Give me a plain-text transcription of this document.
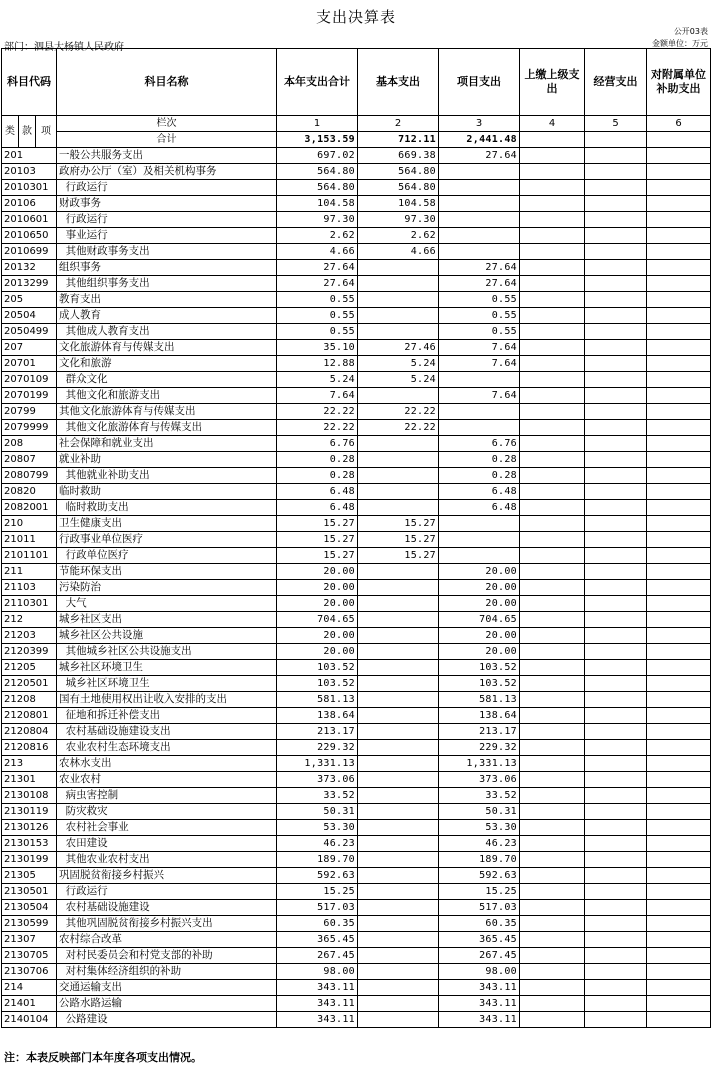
支出决算表
公开03表
金额单位：万元
部门：泗县大杨镇人民政府
科目代码			科目名称	本年支出合计	基本支出	项目支出	上缴上级支出	经营支出	对附属单位补助支出
类	款	项	栏次	1	2	3	4	5	6
			合计	3,153.59	712.11	2,441.48			
201			一般公共服务支出	697.02	669.38	27.64			
20103			政府办公厅（室）及相关机构事务	564.80	564.80				
2010301			行政运行	564.80	564.80				
20106			财政事务	104.58	104.58				
2010601			行政运行	97.30	97.30				
2010650			事业运行	2.62	2.62				
2010699			其他财政事务支出	4.66	4.66				
20132			组织事务	27.64		27.64			
2013299			其他组织事务支出	27.64		27.64			
205			教育支出	0.55		0.55			
20504			成人教育	0.55		0.55			
2050499			其他成人教育支出	0.55		0.55			
207			文化旅游体育与传媒支出	35.10	27.46	7.64			
20701			文化和旅游	12.88	5.24	7.64			
2070109			群众文化	5.24	5.24				
2070199			其他文化和旅游支出	7.64		7.64			
20799			其他文化旅游体育与传媒支出	22.22	22.22				
2079999			其他文化旅游体育与传媒支出	22.22	22.22				
208			社会保障和就业支出	6.76		6.76			
20807			就业补助	0.28		0.28			
2080799			其他就业补助支出	0.28		0.28			
20820			临时救助	6.48		6.48			
2082001			临时救助支出	6.48		6.48			
210			卫生健康支出	15.27	15.27				
21011			行政事业单位医疗	15.27	15.27				
2101101			行政单位医疗	15.27	15.27				
211			节能环保支出	20.00		20.00			
21103			污染防治	20.00		20.00			
2110301			大气	20.00		20.00			
212			城乡社区支出	704.65		704.65			
21203			城乡社区公共设施	20.00		20.00			
2120399			其他城乡社区公共设施支出	20.00		20.00			
21205			城乡社区环境卫生	103.52		103.52			
2120501			城乡社区环境卫生	103.52		103.52			
21208			国有土地使用权出让收入安排的支出	581.13		581.13			
2120801			征地和拆迁补偿支出	138.64		138.64			
2120804			农村基础设施建设支出	213.17		213.17			
2120816			农业农村生态环境支出	229.32		229.32			
213			农林水支出	1,331.13		1,331.13			
21301			农业农村	373.06		373.06			
2130108			病虫害控制	33.52		33.52			
2130119			防灾救灾	50.31		50.31			
2130126			农村社会事业	53.30		53.30			
2130153			农田建设	46.23		46.23			
2130199			其他农业农村支出	189.70		189.70			
21305			巩固脱贫衔接乡村振兴	592.63		592.63			
2130501			行政运行	15.25		15.25			
2130504			农村基础设施建设	517.03		517.03			
2130599			其他巩固脱贫衔接乡村振兴支出	60.35		60.35			
21307			农村综合改革	365.45		365.45			
2130705			对村民委员会和村党支部的补助	267.45		267.45			
2130706			对村集体经济组织的补助	98.00		98.00			
214			交通运输支出	343.11		343.11			
21401			公路水路运输	343.11		343.11			
2140104			公路建设	343.11		343.11			
注：本表反映部门本年度各项支出情况。
